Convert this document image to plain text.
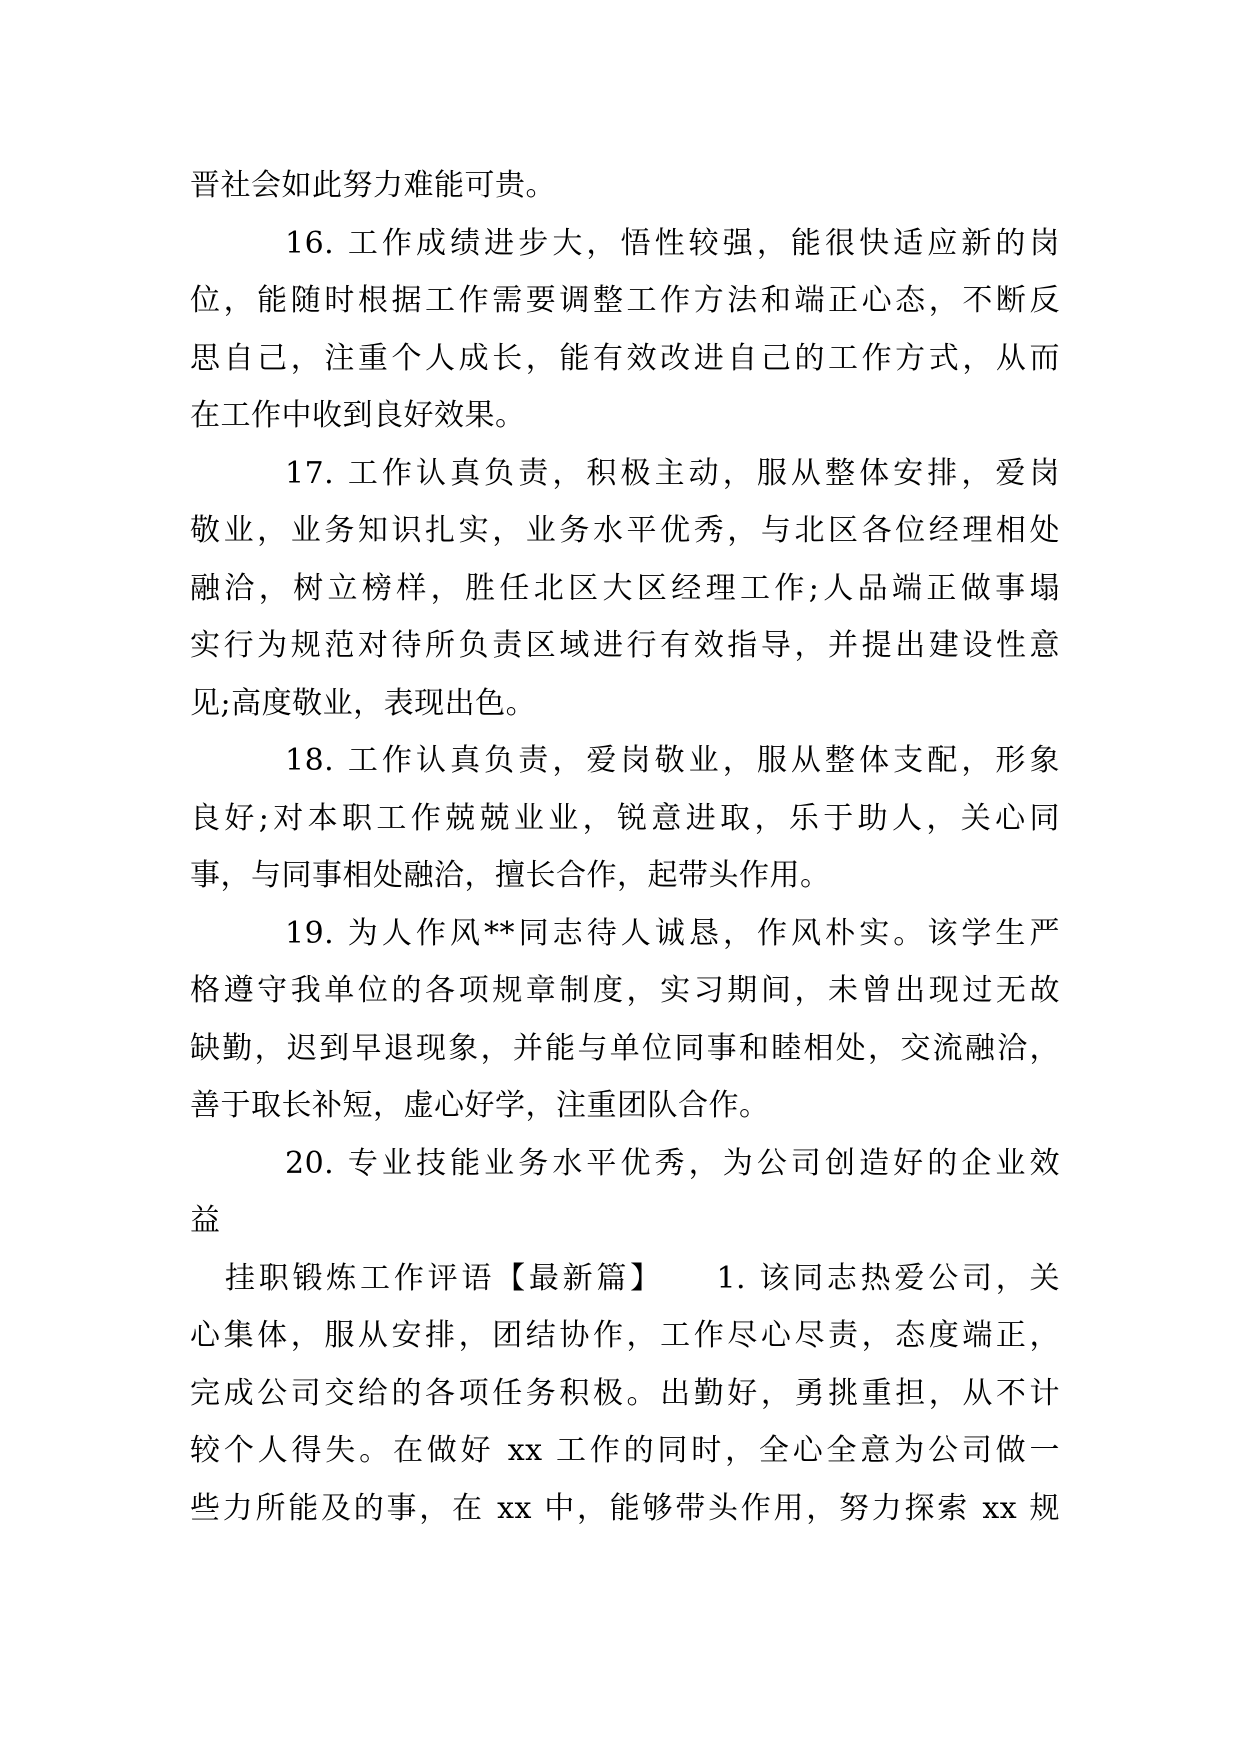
晋社会如此努力难能可贵。
16. 工作成绩进步大，悟性较强，能很快适应新的岗
位，能随时根据工作需要调整工作方法和端正心态，不断反
思自己，注重个人成长，能有效改进自己的工作方式，从而
在工作中收到良好效果。
17. 工作认真负责，积极主动，服从整体安排，爱岗
敬业，业务知识扎实，业务水平优秀，与北区各位经理相处
融洽，树立榜样，胜任北区大区经理工作;人品端正做事塌
实行为规范对待所负责区域进行有效指导，并提出建设性意
见;高度敬业，表现出色。
18. 工作认真负责，爱岗敬业，服从整体支配，形象
良好;对本职工作兢兢业业，锐意进取，乐于助人，关心同
事，与同事相处融洽，擅长合作，起带头作用。
19. 为人作风**同志待人诚恳，作风朴实。该学生严
格遵守我单位的各项规章制度，实习期间，未曾出现过无故
缺勤，迟到早退现象，并能与单位同事和睦相处，交流融洽，
善于取长补短，虚心好学，注重团队合作。
20. 专业技能业务水平优秀，为公司创造好的企业效
益
挂职锻炼工作评语【最新篇】　　1. 该同志热爱公司，关
心集体，服从安排，团结协作，工作尽心尽责，态度端正，
完成公司交给的各项任务积极。出勤好，勇挑重担，从不计
较个人得失。在做好 xx 工作的同时，全心全意为公司做一
些力所能及的事，在 xx 中，能够带头作用，努力探索 xx 规
